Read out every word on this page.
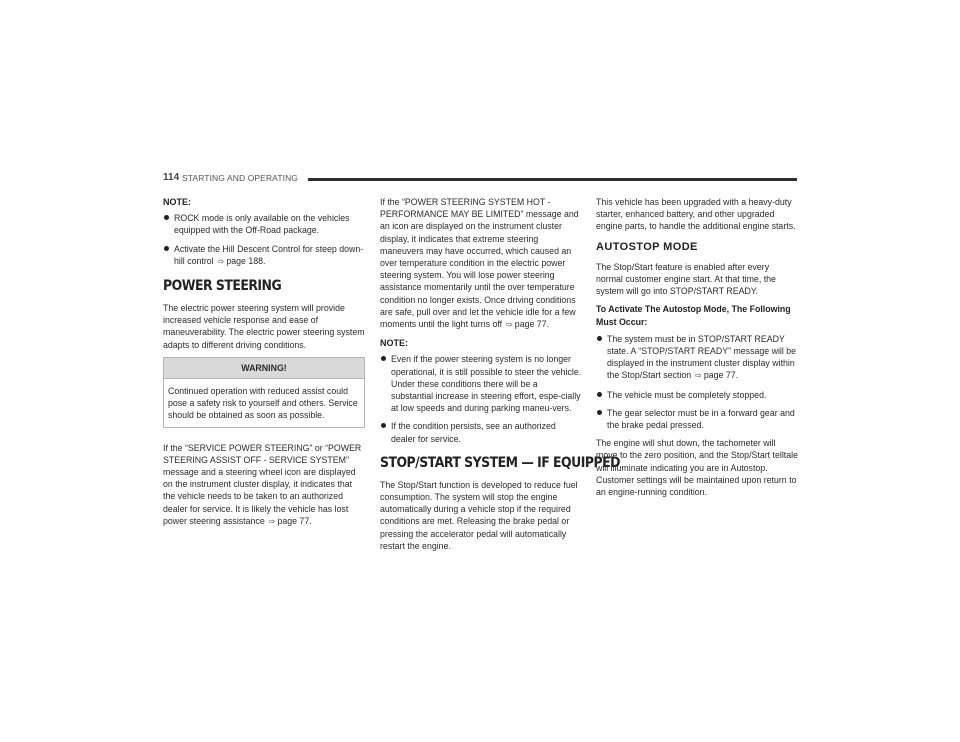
114 STARTING AND OPERATING
NOTE:
ROCK mode is only available on the vehicles equipped with the Off-Road package.
Activate the Hill Descent Control for steep down-hill control ⇨ page 188.
POWER STEERING

The electric power steering system will provide increased vehicle response and ease of maneuverability. The electric power steering system adapts to different driving conditions.

WARNING!
Continued operation with reduced assist could pose a safety risk to yourself and others. Service should be obtained as soon as possible.

If the “SERVICE POWER STEERING” or “POWER STEERING ASSIST OFF - SERVICE SYSTEM” message and a steering wheel icon are displayed on the instrument cluster display, it indicates that the vehicle needs to be taken to an authorized dealer for service. It is likely the vehicle has lost power steering assistance ⇨ page 77.

If the “POWER STEERING SYSTEM HOT - PERFORMANCE MAY BE LIMITED” message and an icon are displayed on the instrument cluster display, it indicates that extreme steering maneuvers may have occurred, which caused an over temperature condition in the electric power steering system. You will lose power steering assistance momentarily until the over temperature condition no longer exists. Once driving conditions are safe, pull over and let the vehicle idle for a few moments until the light turns off ⇨ page 77.

NOTE:
Even if the power steering system is no longer operational, it is still possible to steer the vehicle. Under these conditions there will be a substantial increase in steering effort, espe-cially at low speeds and during parking maneu-vers.
If the condition persists, see an authorized dealer for service.
STOP/START SYSTEM — IF EQUIPPED

The Stop/Start function is developed to reduce fuel consumption. The system will stop the engine automatically during a vehicle stop if the required conditions are met. Releasing the brake pedal or pressing the accelerator pedal will automatically restart the engine.

This vehicle has been upgraded with a heavy-duty starter, enhanced battery, and other upgraded engine parts, to handle the additional engine starts.

AUTOSTOP MODE

The Stop/Start feature is enabled after every normal customer engine start. At that time, the system will go into STOP/START READY.

To Activate The Autostop Mode, The Following Must Occur:
The system must be in STOP/START READY state. A “STOP/START READY” message will be displayed in the instrument cluster display within the Stop/Start section ⇨ page 77.
The vehicle must be completely stopped.
The gear selector must be in a forward gear and the brake pedal pressed.

The engine will shut down, the tachometer will move to the zero position, and the Stop/Start telltale will illuminate indicating you are in Autostop. Customer settings will be maintained upon return to an engine-running condition.
